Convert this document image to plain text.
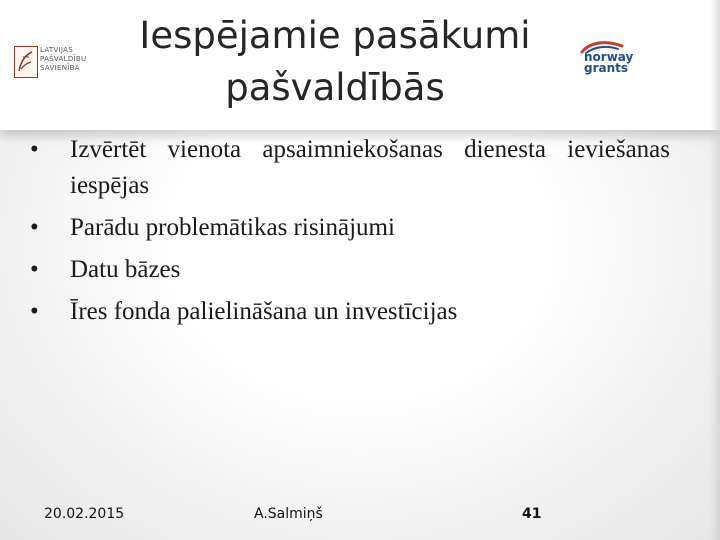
LATVIJAS
PAŠVALDĪBU
SAVIENĪBA
Iespējamie pasākumi
pašvaldībās
norway
grants
•	Izvērtēt vienota apsaimniekošanas dienesta ieviešanas iespējas
•	Parādu problemātikas risinājumi
•	Datu bāzes
•	Īres fonda palielināšana un investīcijas
20.02.2015	A.Salmiņš	41
